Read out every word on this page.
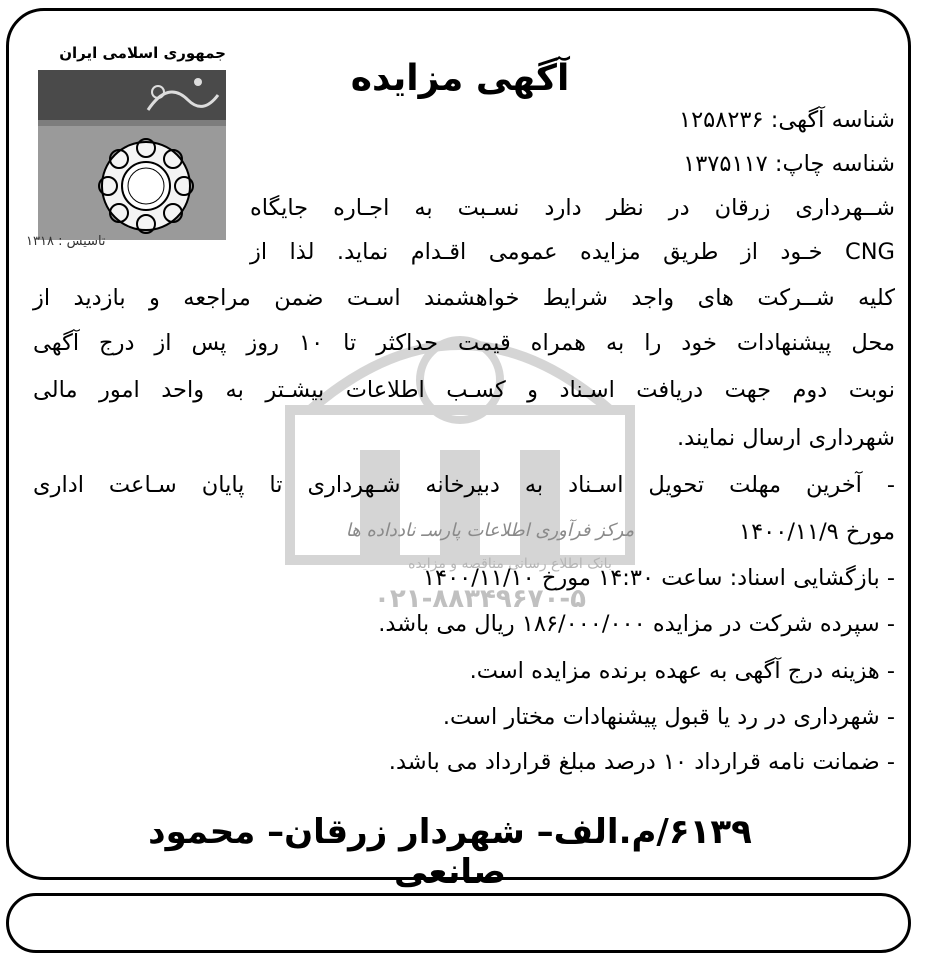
مرکز فرآوری اطلاعات پارسـ نادداده ها
بانک اطلاع رسانی مناقصه و مزایده
۰۲۱-۸۸۳۴۹۶۷۰-۵
جمهوری اسلامی ایران
تاسیس : ۱۳۱۸
آگهی مزایده
شناسه آگهی: ۱۲۵۸۲۳۶
شناسه چاپ: ۱۳۷۵۱۱۷
شــهرداری زرقان در نظر دارد نسـبت به اجـاره جایگاه
CNG خـود از طریق مزایده عمومی اقـدام نماید. لذا از
کلیه شــرکت های واجد شرایط خواهشمند اسـت ضمن مراجعه و بازدید از
محل پیشنهادات خود را به همراه قیمت حداکثر تا ۱۰ روز پس از درج آگهی
نوبت دوم جهت دریافت اسـناد و کسـب اطلاعات بیشـتر به واحد امور مالی
شهرداری ارسال نمایند.
- آخرین مهلت تحویل اسـناد به دبیرخانه شـهرداری تا پایان سـاعت اداری
مورخ ۱۴۰۰/۱۱/۹
- بازگشایی اسناد: ساعت ۱۴:۳۰ مورخ ۱۴۰۰/۱۱/۱۰
- سپرده شرکت در مزایده ۱۸۶/۰۰۰/۰۰۰ ریال می باشد.
- هزینه درج آگهی به عهده برنده مزایده است.
- شهرداری در رد یا قبول پیشنهادات مختار است.
- ضمانت نامه قرارداد ۱۰ درصد مبلغ قرارداد می باشد.
۶۱۳۹/م.الف– شهردار زرقان– محمود صانعی
